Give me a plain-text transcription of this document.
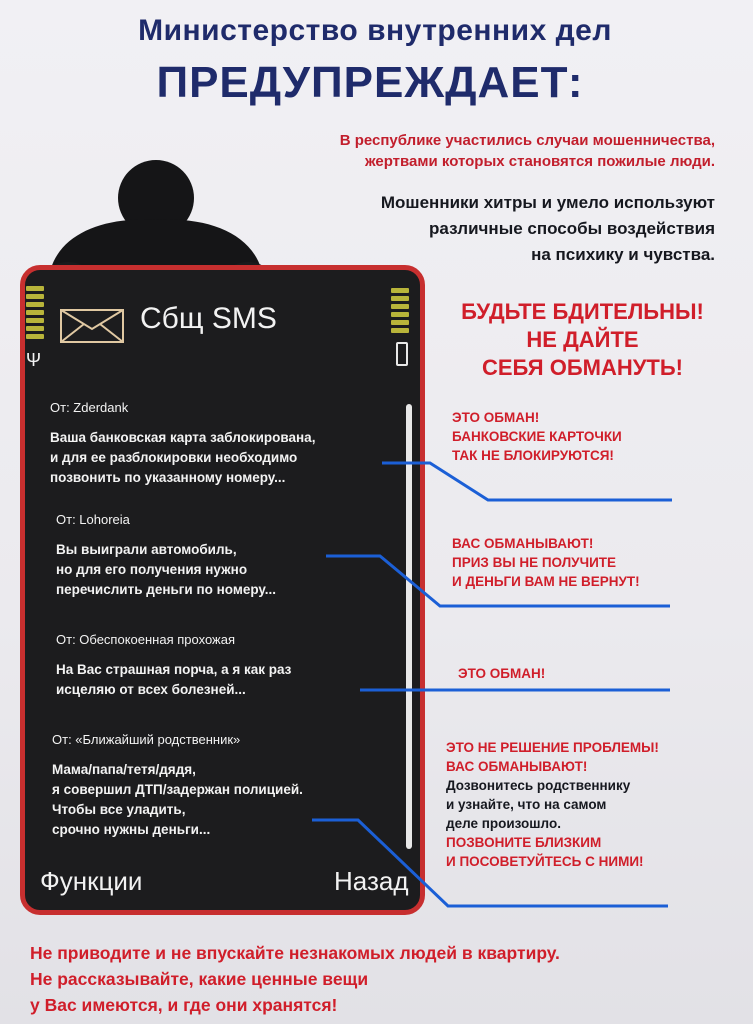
Министерство внутренних дел
ПРЕДУПРЕЖДАЕТ:
В республике участились случаи мошенничества,
жертвами которых становятся пожилые люди.
Мошенники хитры и умело используют
различные способы воздействия
на психику и чувства.
Сбщ SMS
Ψ
От: Zderdank
Ваша банковская карта заблокирована,
и для ее разблокировки необходимо
позвонить по указанному номеру...
От: Lohoreia
Вы выиграли автомобиль,
но для его получения нужно
перечислить деньги по номеру...
От: Обеспокоенная прохожая
На Вас страшная порча, а я как раз
исцеляю от всех болезней...
От: «Ближайший родственник»
Мама/папа/тетя/дядя,
я совершил ДТП/задержан полицией.
Чтобы все уладить,
срочно нужны деньги...
Функции	Назад
БУДЬТЕ БДИТЕЛЬНЫ!
НЕ ДАЙТЕ
СЕБЯ ОБМАНУТЬ!
ЭТО ОБМАН!
БАНКОВСКИЕ КАРТОЧКИ
ТАК НЕ БЛОКИРУЮТСЯ!
ВАС ОБМАНЫВАЮТ!
ПРИЗ ВЫ НЕ ПОЛУЧИТЕ
И ДЕНЬГИ ВАМ НЕ ВЕРНУТ!
ЭТО ОБМАН!
ЭТО НЕ РЕШЕНИЕ ПРОБЛЕМЫ!
ВАС ОБМАНЫВАЮТ!
Дозвонитесь родственнику
и узнайте, что на самом
деле произошло.
ПОЗВОНИТЕ БЛИЗКИМ
И ПОСОВЕТУЙТЕСЬ С НИМИ!
Не приводите и не впускайте незнакомых людей в квартиру.
Не рассказывайте, какие ценные вещи
у Вас имеются, и где они хранятся!
